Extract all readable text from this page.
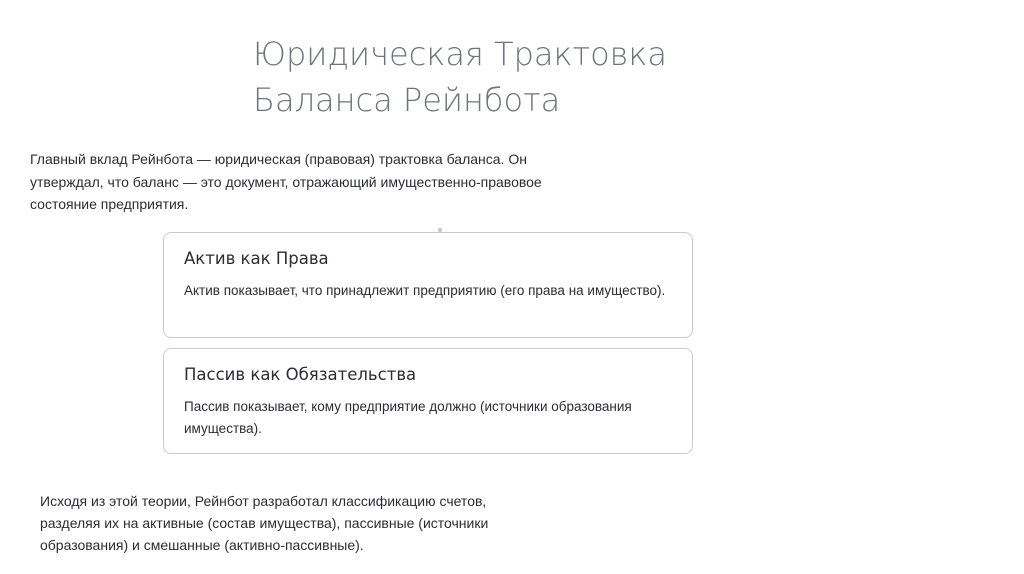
Юридическая Трактовка
Баланса Рейнбота

Главный вклад Рейнбота — юридическая (правовая) трактовка баланса. Он утверждал, что баланс — это документ, отражающий имущественно-правовое состояние предприятия.

Актив как Права

Актив показывает, что принадлежит предприятию (его права на имущество).

Пассив как Обязательства

Пассив показывает, кому предприятие должно (источники образования имущества).

Исходя из этой теории, Рейнбот разработал классификацию счетов, разделяя их на активные (состав имущества), пассивные (источники образования) и смешанные (активно-пассивные).
